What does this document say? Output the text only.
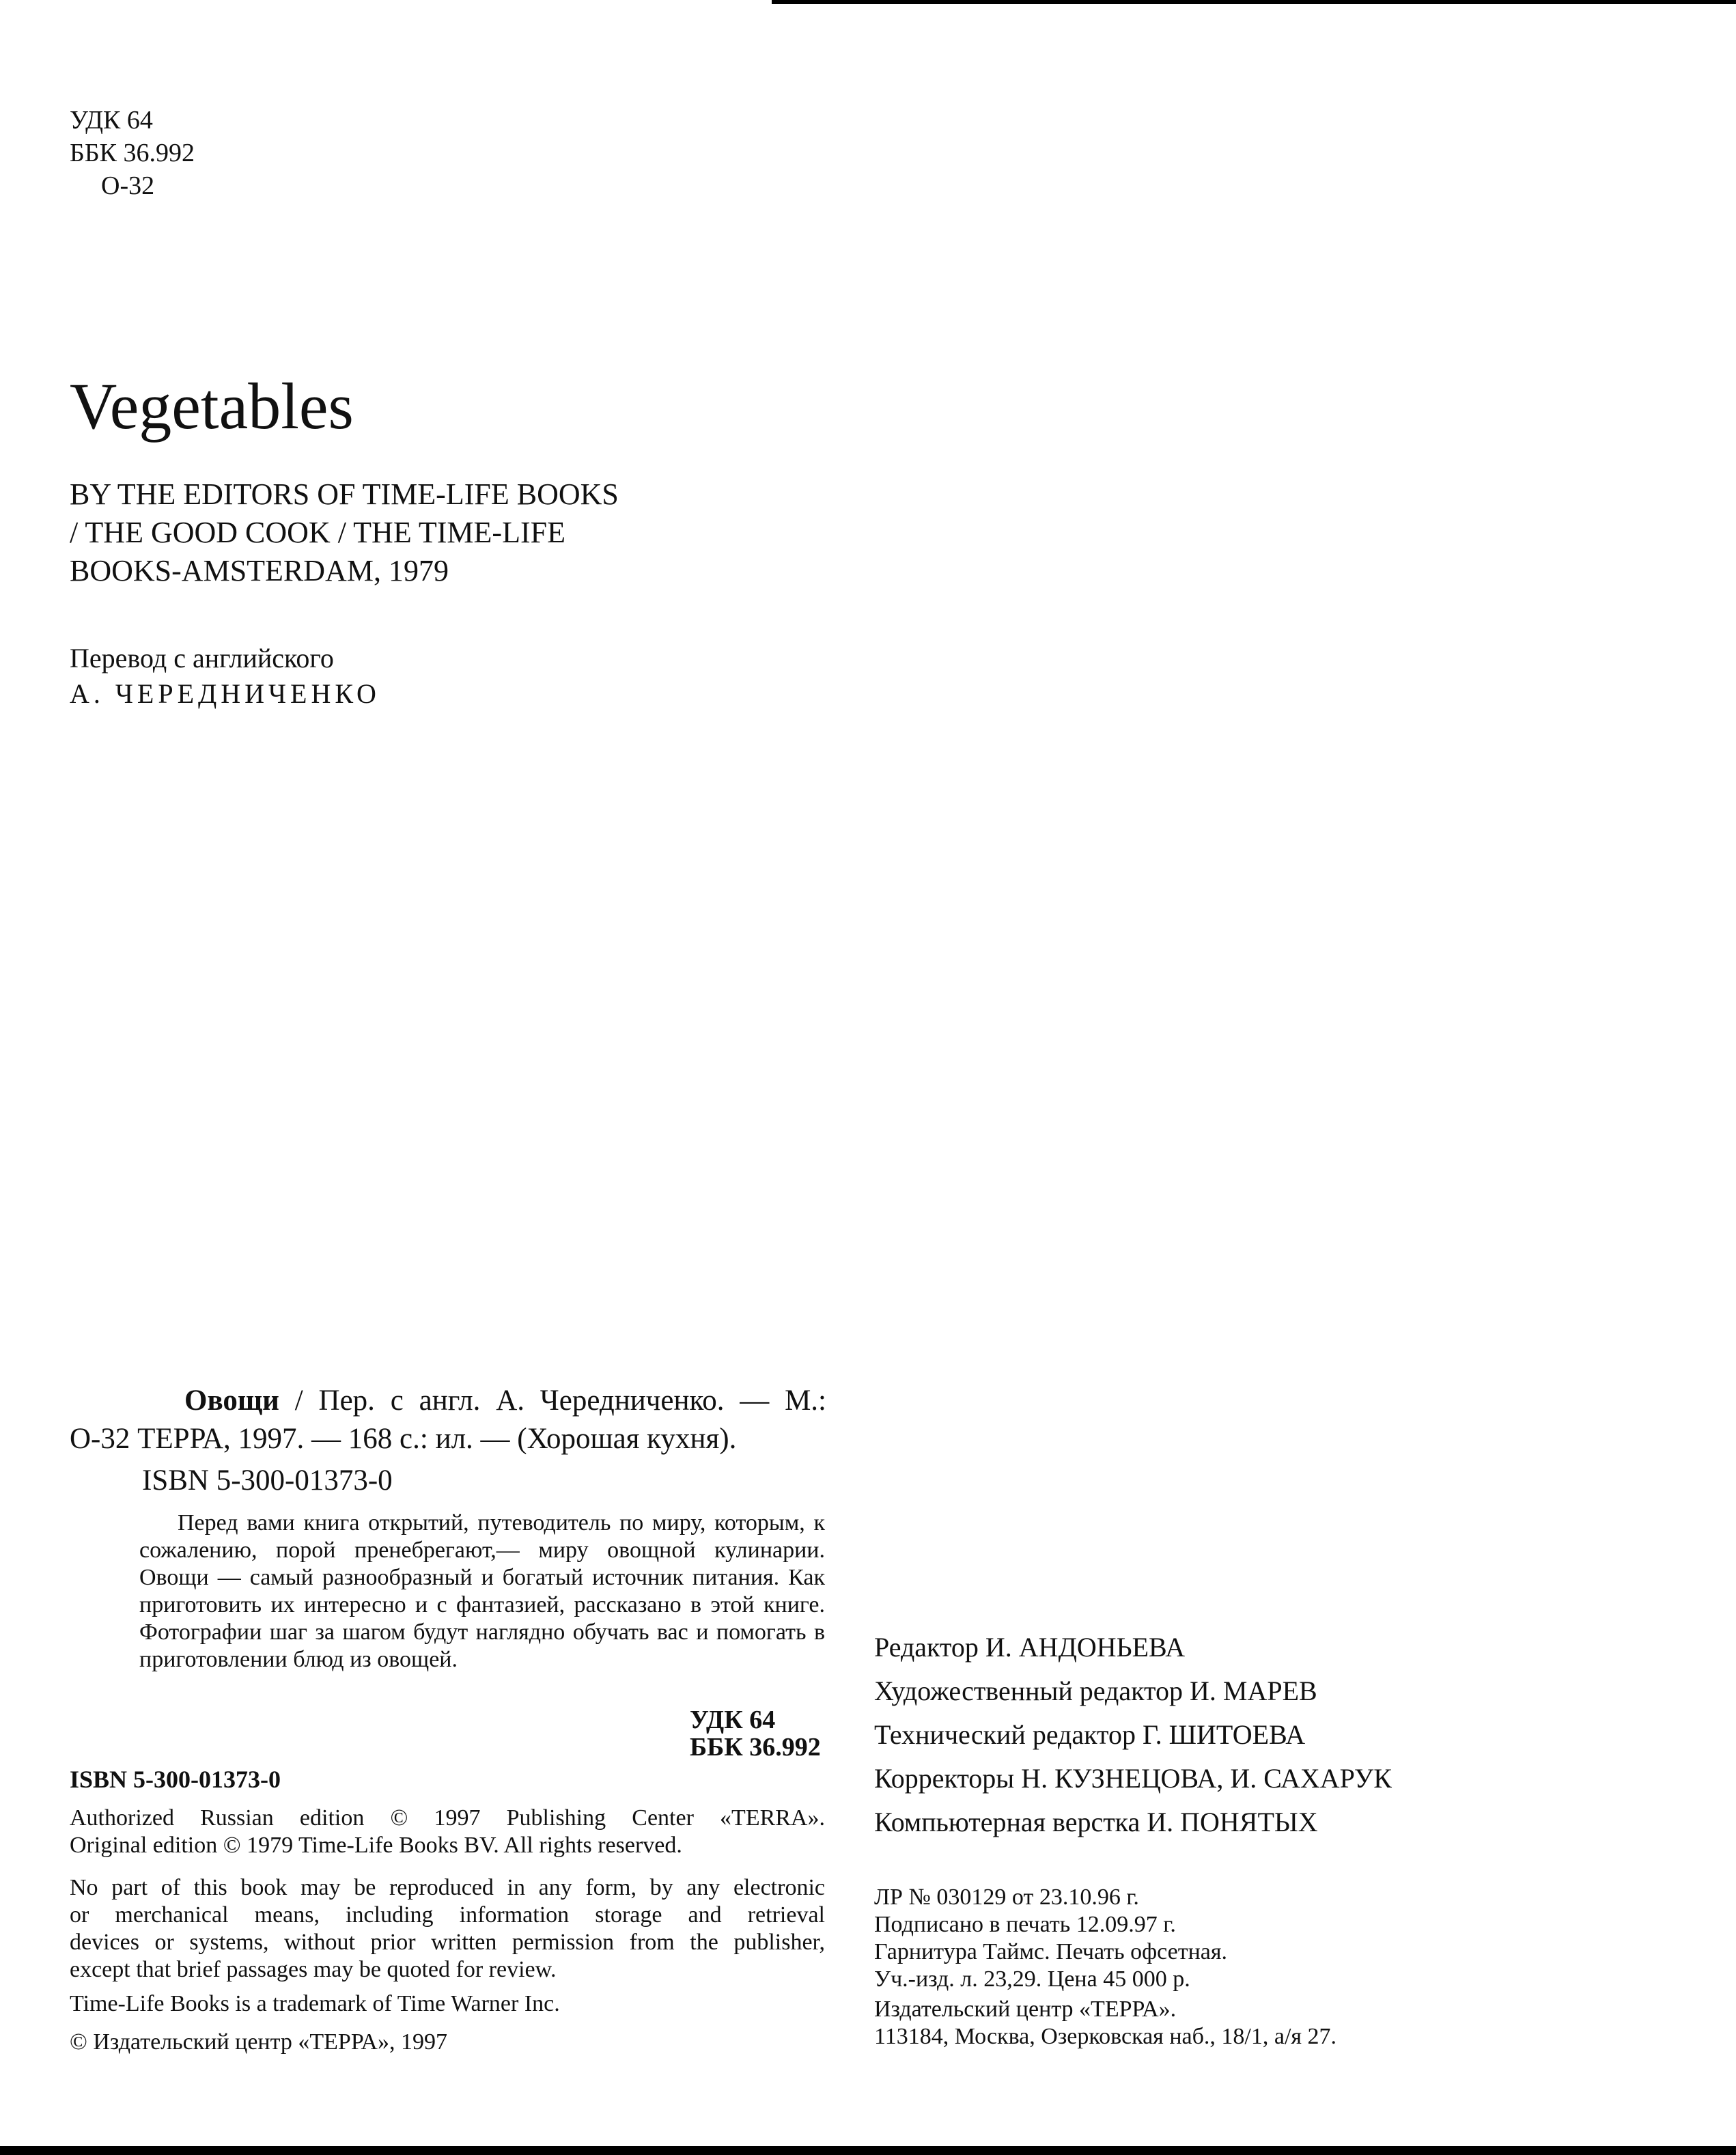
УДК 64
ББК 36.992
О-32
Vegetables
BY THE EDITORS OF TIME-LIFE BOOKS
/ THE GOOD COOK / THE TIME-LIFE
BOOKS-AMSTERDAM, 1979
Перевод с английского
А. ЧЕРЕДНИЧЕНКО
Овощи / Пер. с англ. А. Чередниченко. — М.:
О-32 ТЕРРА, 1997. — 168 с.: ил. — (Хорошая кухня).
ISBN 5-300-01373-0
Перед вами книга открытий, путеводитель по миру, которым, к сожалению, порой пренебрегают,— миру овощной кулинарии. Овощи — самый разнообразный и богатый источник питания. Как приготовить их интересно и с фантазией, рассказано в этой книге. Фотографии шаг за шагом будут наглядно обучать вас и помогать в приготовлении блюд из овощей.
УДК 64
ББК 36.992
ISBN 5-300-01373-0
Authorized Russian edition © 1997 Publishing Center «TERRA».
Original edition © 1979 Time-Life Books BV. All rights reserved.
No part of this book may be reproduced in any form, by any electronic
or merchanical means, including information storage and retrieval
devices or systems, without prior written permission from the publisher,
except that brief passages may be quoted for review.
Time-Life Books is a trademark of Time Warner Inc.
© Издательский центр «ТЕРРА», 1997
Редактор И. АНДОНЬЕВА
Художественный редактор И. МАРЕВ
Технический редактор Г. ШИТОЕВА
Корректоры Н. КУЗНЕЦОВА, И. САХАРУК
Компьютерная верстка И. ПОНЯТЫХ
ЛР № 030129 от 23.10.96 г.
Подписано в печать 12.09.97 г.
Гарнитура Таймс. Печать офсетная.
Уч.-изд. л. 23,29. Цена 45 000 р.
Издательский центр «ТЕРРА».
113184, Москва, Озерковская наб., 18/1, а/я 27.
